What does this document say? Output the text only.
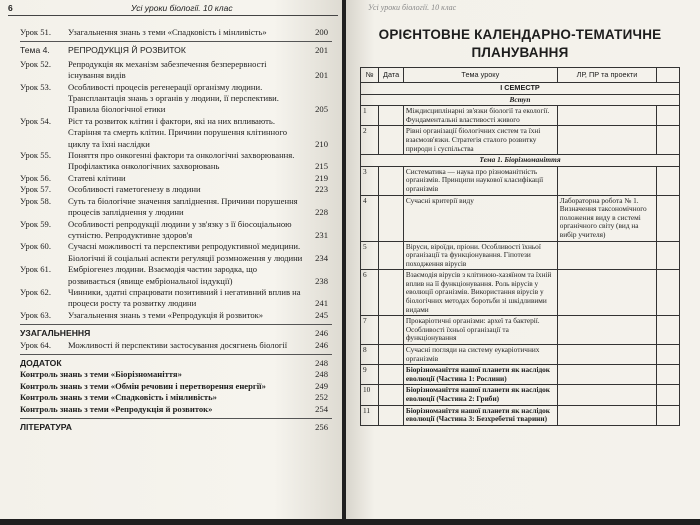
6	Усі уроки біології. 10 клас
Урок 51. Узагальнення знань з теми «Спадковість і мінливість»	200
Тема 4. РЕПРОДУКЦІЯ Й РОЗВИТОК	201
Урок 52. Репродукція як механізм забезпечення безперервності існування видів	201
Урок 53. Особливості процесів регенерації організму людини. Трансплантація знань з органів у людини, її перспективи. Правила біологічної етики	205
Урок 54. Ріст та розвиток клітин і фактори, які на них впливають. Старіння та смерть клітин. Причини порушення клітинного циклу та їхні наслідки	210
Урок 55. Поняття про онкогенні фактори та онкологічні захворювання. Профілактика онкологічних захворювань	215
Урок 56. Статеві клітини	219
Урок 57. Особливості гаметогенезу в людини	223
Урок 58. Суть та біологічне значення запліднення. Причини порушення процесів запліднення у людини	228
Урок 59. Особливості репродукції людини у зв'язку з її біосоціальною сутністю. Репродуктивне здоров'я	231
Урок 60. Сучасні можливості та перспективи репродуктивної медицини. Біологічні й соціальні аспекти регуляції розмноження у людини 234
Урок 61. Ембріогенез людини. Взаємодія частин зародка, що розвивається (явище ембріональної індукції)	238
Урок 62. Чинники, здатні спрацювати позитивний і негативний вплив на процеси росту та розвитку людини	241
Урок 63. Узагальнення знань з теми «Репродукція й розвиток»	245
УЗАГАЛЬНЕННЯ	246
Урок 64. Можливості й перспективи застосування досягнень біології	246
ДОДАТОК	248
Контроль знань з теми «Біорізноманіття»	248
Контроль знань з теми «Обмін речовин і перетворення енергії»	249
Контроль знань з теми «Спадковість і мінливість»	252
Контроль знань з теми «Репродукція й розвиток»	254
ЛІТЕРАТУРА	256
Усі уроки біології. 10 клас
ОРІЄНТОВНЕ КАЛЕНДАРНО-ТЕМАТИЧНЕ
ПЛАНУВАННЯ
№	Дата	Тема уроку	ЛР, ПР та проекти	
I СЕМЕСТР				
Вступ				
1		Міждисциплінарні зв'язки біології та екології. Фундаментальні властивості живого		
2		Рівні організації біологічних систем та їхні взаємозв'язки. Стратегія сталого розвитку природи і суспільства		
Тема 1. Біорізноманіття				
3		Систематика — наука про різноманітність організмів. Принципи наукової класифікації організмів		
4		Сучасні критерії виду	Лабораторна робота № 1. Визначення таксономічного положення виду в системі органічного світу (вид на вибір учителя)	
5		Віруси, віроїди, пріони. Особливості їхньої організації та функціонування. Гіпотези походження вірусів		
6		Взаємодія вірусів з клітиною-хазяїном та їхній вплив на її функціонування. Роль вірусів у еволюції організмів. Використання вірусів у біологічних методах боротьби зі шкідливими видами		
7		Прокаріотичні організми: археї та бактерії. Особливості їхньої організації та функціонування		
8		Сучасні погляди на систему еукаріотичних організмів		
9		Біорізноманіття нашої планети як наслідок еволюції (Частина 1: Рослини)		
10		Біорізноманіття нашої планети як наслідок еволюції (Частина 2: Гриби)		
11		Біорізноманіття нашої планети як наслідок еволюції (Частина 3: Безхребетні тварини)		
